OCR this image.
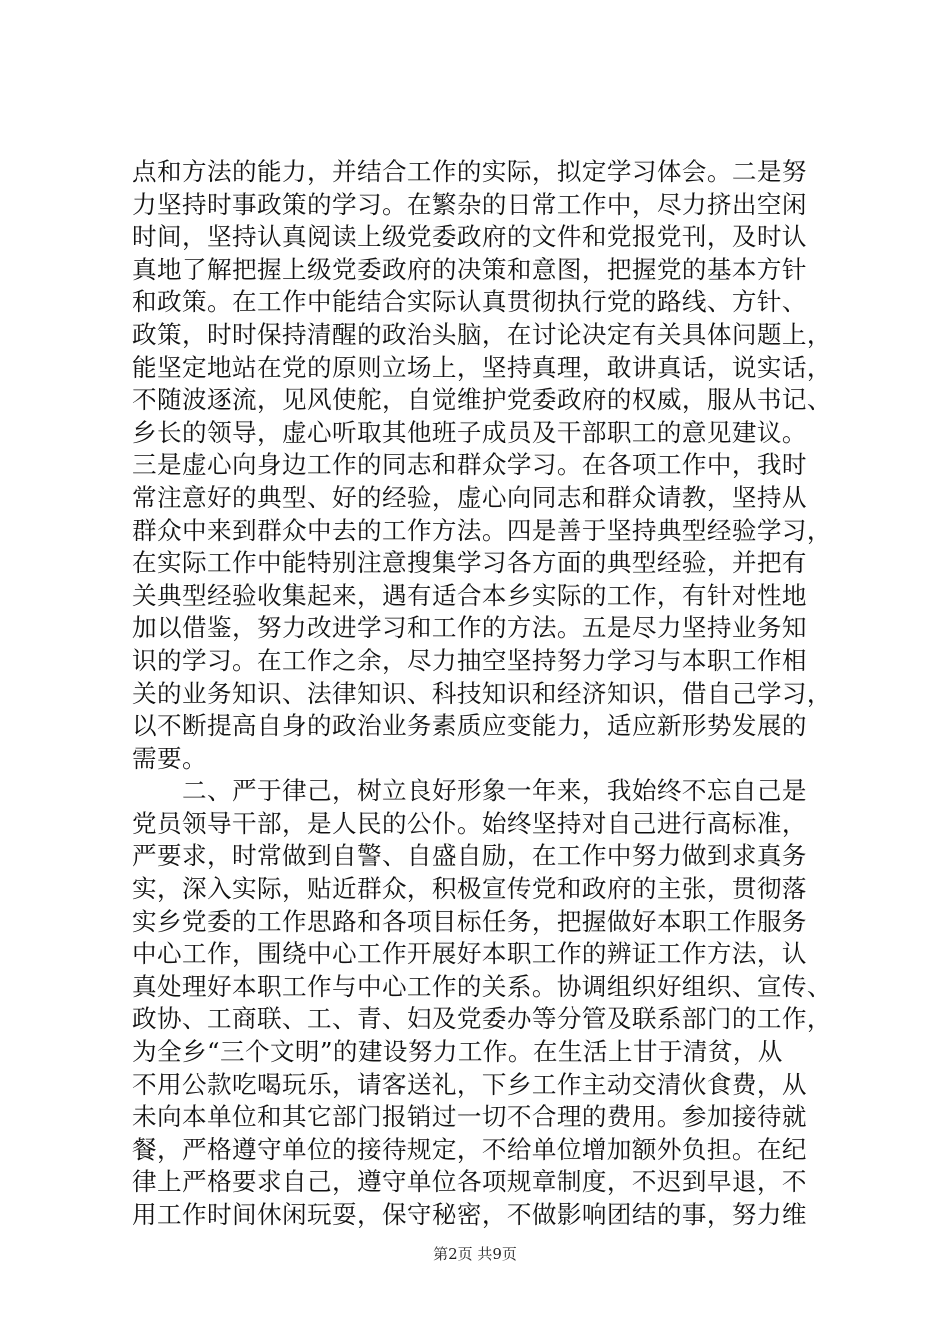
点和方法的能力，并结合工作的实际，拟定学习体会。二是努
力坚持时事政策的学习。在繁杂的日常工作中，尽力挤出空闲
时间，坚持认真阅读上级党委政府的文件和党报党刊，及时认
真地了解把握上级党委政府的决策和意图，把握党的基本方针
和政策。在工作中能结合实际认真贯彻执行党的路线、方针、
政策，时时保持清醒的政治头脑，在讨论决定有关具体问题上，
能坚定地站在党的原则立场上，坚持真理，敢讲真话，说实话，
不随波逐流，见风使舵，自觉维护党委政府的权威，服从书记、
乡长的领导，虚心听取其他班子成员及干部职工的意见建议。
三是虚心向身边工作的同志和群众学习。在各项工作中，我时
常注意好的典型、好的经验，虚心向同志和群众请教，坚持从
群众中来到群众中去的工作方法。四是善于坚持典型经验学习，
在实际工作中能特别注意搜集学习各方面的典型经验，并把有
关典型经验收集起来，遇有适合本乡实际的工作，有针对性地
加以借鉴，努力改进学习和工作的方法。五是尽力坚持业务知
识的学习。在工作之余，尽力抽空坚持努力学习与本职工作相
关的业务知识、法律知识、科技知识和经济知识，借自己学习，
以不断提高自身的政治业务素质应变能力，适应新形势发展的
需要。
二、严于律己，树立良好形象一年来，我始终不忘自己是
党员领导干部，是人民的公仆。始终坚持对自己进行高标准，
严要求，时常做到自警、自盛自励，在工作中努力做到求真务
实，深入实际，贴近群众，积极宣传党和政府的主张，贯彻落
实乡党委的工作思路和各项目标任务，把握做好本职工作服务
中心工作，围绕中心工作开展好本职工作的辨证工作方法，认
真处理好本职工作与中心工作的关系。协调组织好组织、宣传、
政协、工商联、工、青、妇及党委办等分管及联系部门的工作，
为全乡“三个文明”的建设努力工作。在生活上甘于清贫，从
不用公款吃喝玩乐，请客送礼，下乡工作主动交清伙食费，从
未向本单位和其它部门报销过一切不合理的费用。参加接待就
餐，严格遵守单位的接待规定，不给单位增加额外负担。在纪
律上严格要求自己，遵守单位各项规章制度，不迟到早退，不
用工作时间休闲玩耍，保守秘密，不做影响团结的事，努力维
第2页 共9页
